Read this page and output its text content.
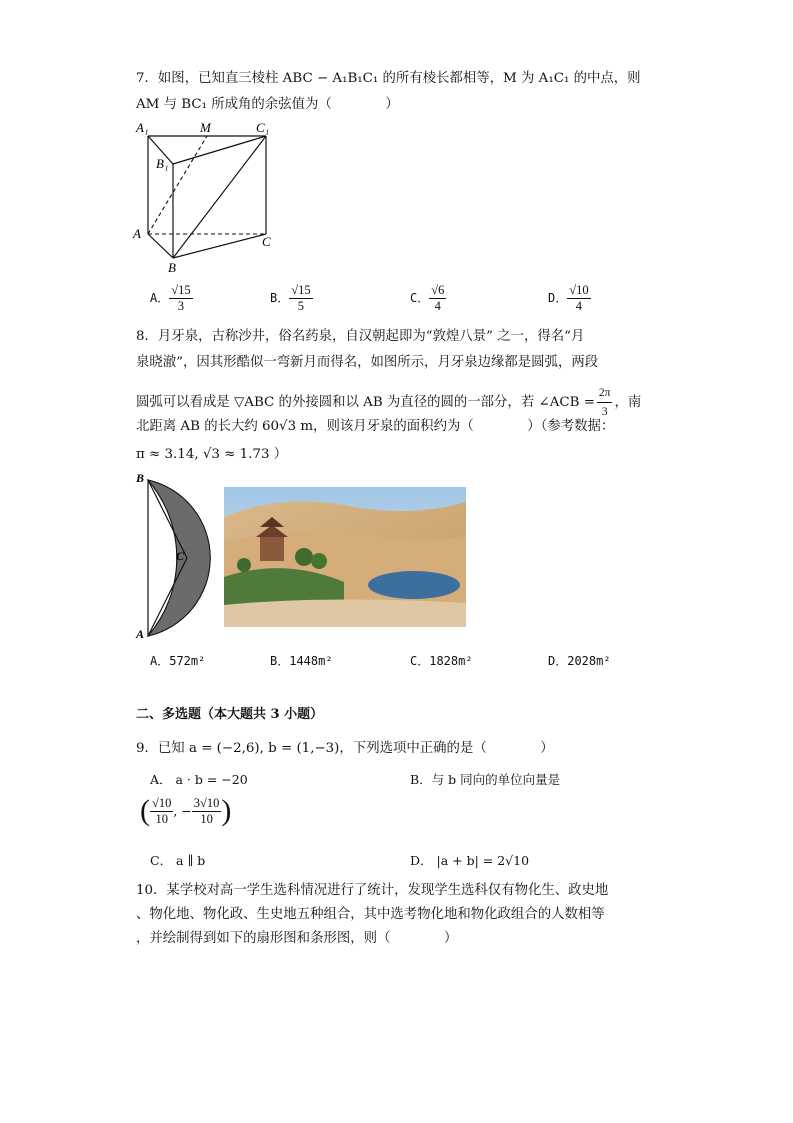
7．如图，已知直三棱柱 ABC − A₁B₁C₁ 的所有棱长都相等，M 为 A₁C₁ 的中点，则
AM 与 BC₁ 所成角的余弦值为（　　　　）
A₁	M	C₁
B₁
A
C
B
A． $\frac{√15}{3}$	B． $\frac{√15}{5}$	C． $\frac{√6}{4}$	D． $\frac{√10}{4}$
8．月牙泉，古称沙井，俗名药泉，自汉朝起即为“敦煌八景” 之一，得名“月
泉晓澈”，因其形酷似一弯新月而得名，如图所示，月牙泉边缘都是圆弧，两段
圆弧可以看成是 ▽ABC 的外接圆和以 AB 为直径的圆的一部分，若 ∠ACB = $\frac{2\pi}{3}$ ，南
北距离 AB 的长大约 60√3 m，则该月牙泉的面积约为（　　　　）（参考数据：
π ≈ 3.14, √3 ≈ 1.73 ）
B
C
A
A．572m²	B．1448m²	C．1828m²	D．2028m²
二、多选题（本大题共 3 小题）
9．已知 a = (−2,6), b = (1,−3)，下列选项中正确的是（　　　　）
A． a · b = −20	B．与 b 同向的单位向量是
( $\frac{√10}{10}$ , − $\frac{3√10}{10}$ )
C． a ∥ b	D． |a + b| = 2√10
10．某学校对高一学生选科情况进行了统计，发现学生选科仅有物化生、政史地
、物化地、物化政、生史地五种组合，其中选考物化地和物化政组合的人数相等
，并绘制得到如下的扇形图和条形图，则（　　　　）
